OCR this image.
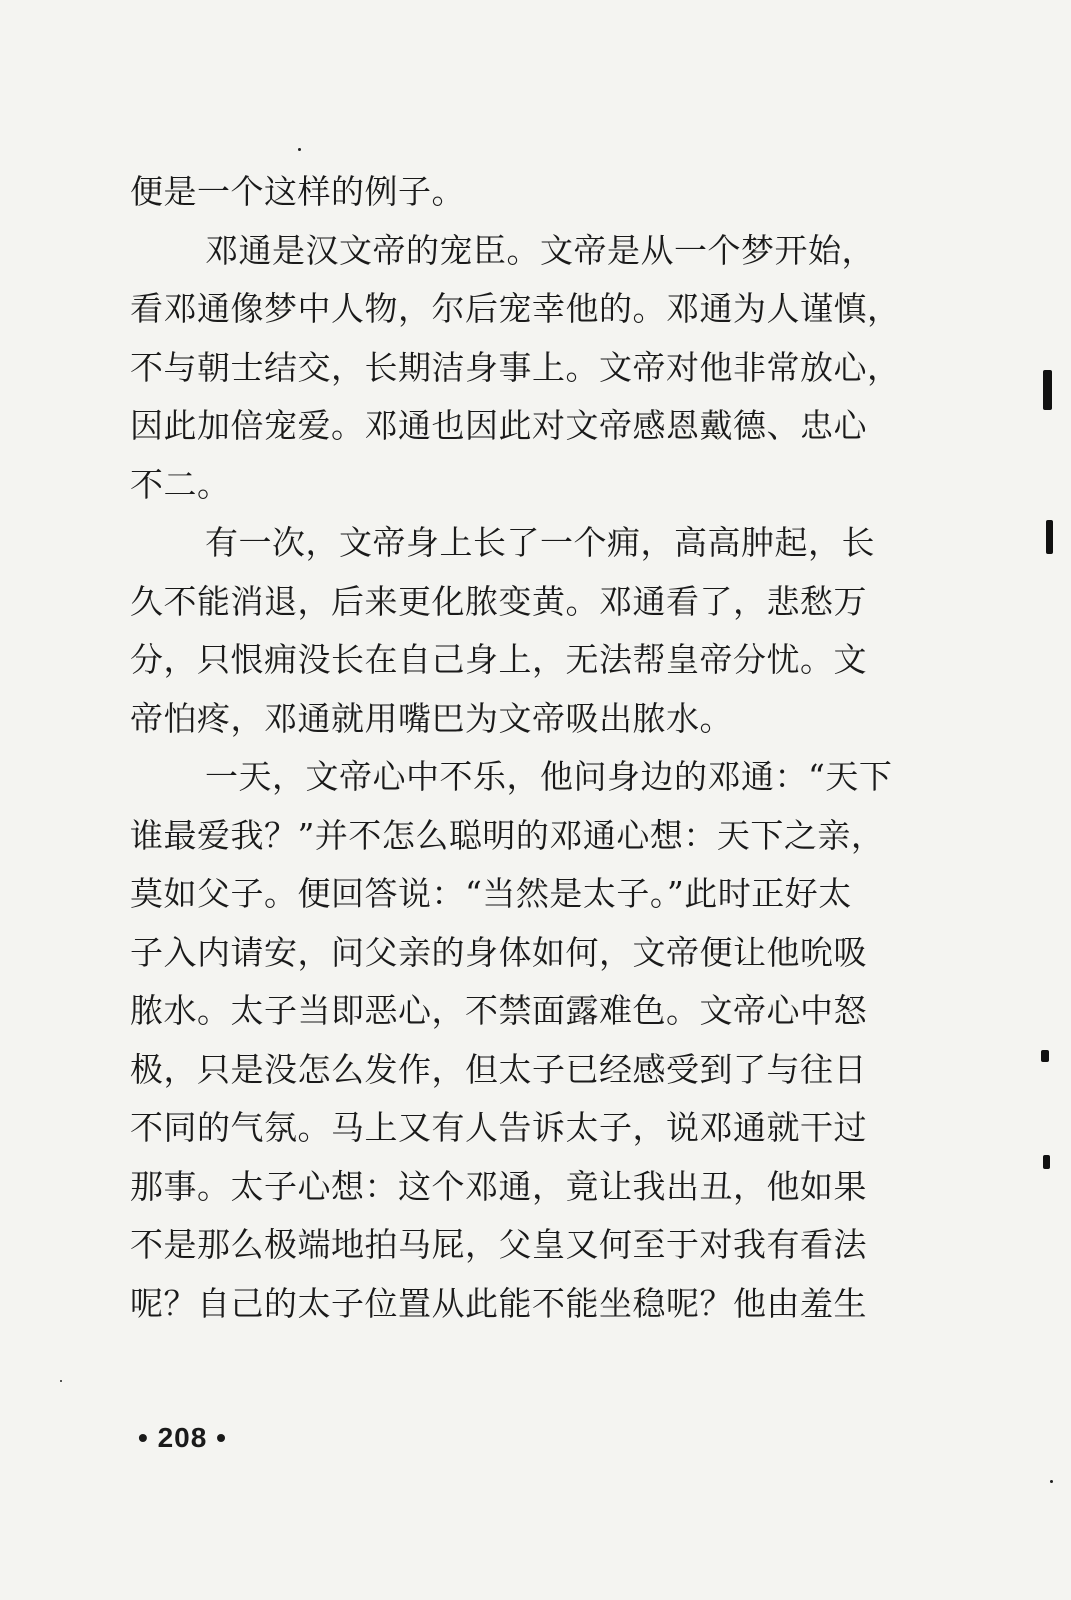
便是一个这样的例子。
邓通是汉文帝的宠臣。文帝是从一个梦开始，
看邓通像梦中人物，尔后宠幸他的。邓通为人谨慎，
不与朝士结交，长期洁身事上。文帝对他非常放心，
因此加倍宠爱。邓通也因此对文帝感恩戴德、忠心
不二。
有一次，文帝身上长了一个痈，高高肿起，长
久不能消退，后来更化脓变黄。邓通看了，悲愁万
分，只恨痈没长在自己身上，无法帮皇帝分忧。文
帝怕疼，邓通就用嘴巴为文帝吸出脓水。
一天，文帝心中不乐，他问身边的邓通：“天下
谁最爱我？”并不怎么聪明的邓通心想：天下之亲，
莫如父子。便回答说：“当然是太子。”此时正好太
子入内请安，问父亲的身体如何，文帝便让他吮吸
脓水。太子当即恶心，不禁面露难色。文帝心中怒
极，只是没怎么发作，但太子已经感受到了与往日
不同的气氛。马上又有人告诉太子，说邓通就干过
那事。太子心想：这个邓通，竟让我出丑，他如果
不是那么极端地拍马屁，父皇又何至于对我有看法
呢？自己的太子位置从此能不能坐稳呢？他由羞生
• 208 •
